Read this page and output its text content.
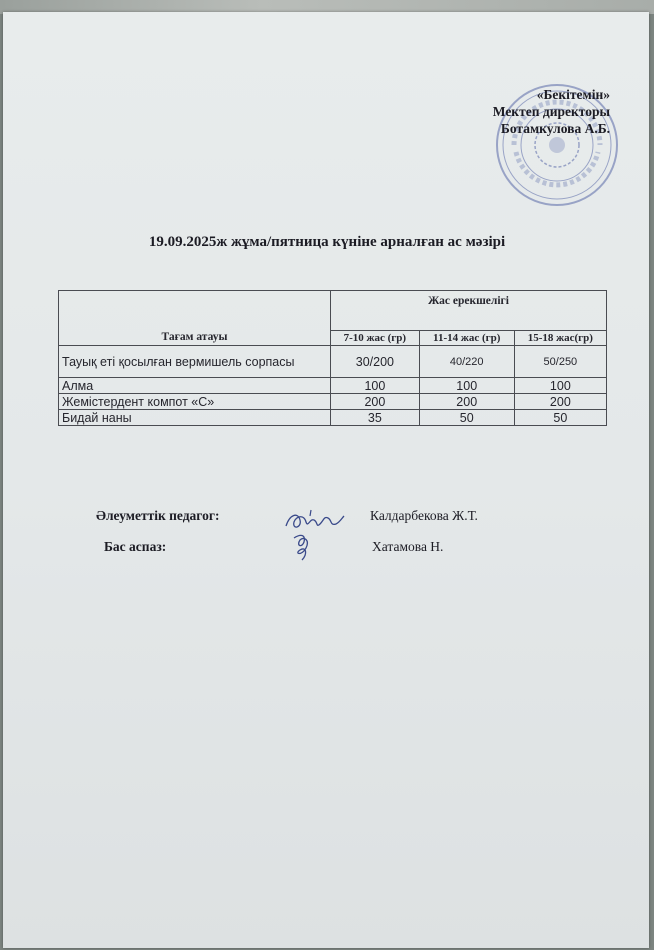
«Бекітемін»
Мектеп директоры
Ботамкулова А.Б.
19.09.2025ж жұма/пятница күніне арналған ас мәзірі
Тағам атауы	Жас ерекшелігі		
	7-10 жас (гр)	11-14 жас (гр)	15-18 жас(гр)
Тауық еті қосылған вермишель сорпасы	30/200	40/220	50/250
Алма	100	100	100
Жемістердент компот «С»	200	200	200
Бидай наны	35	50	50
Әлеуметтік педагог:	Калдарбекова Ж.Т.
Бас аспаз:	Хатамова Н.
